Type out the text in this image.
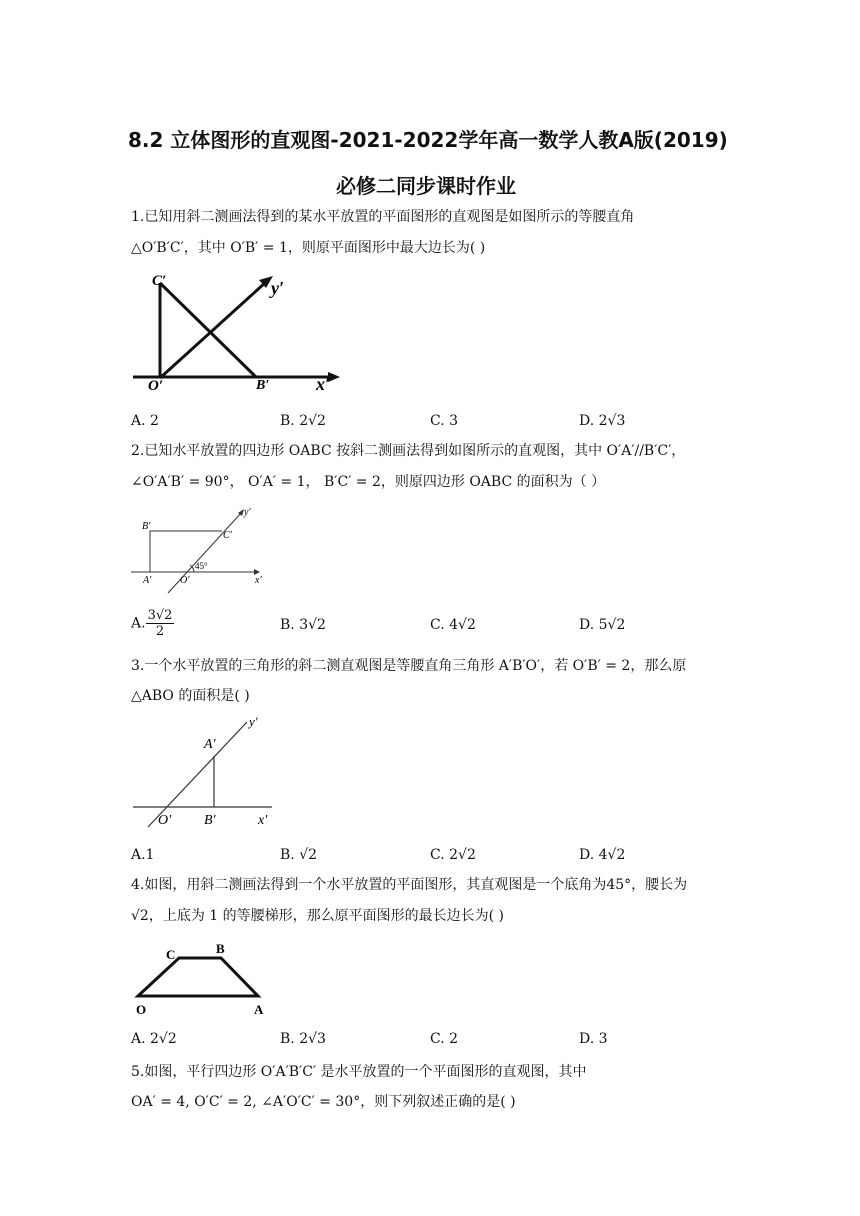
8.2 立体图形的直观图-2021-2022学年高一数学人教A版(2019)
必修二同步课时作业
1.已知用斜二测画法得到的某水平放置的平面图形的直观图是如图所示的等腰直角
△O′B′C′，其中 O′B′ = 1，则原平面图形中最大边长为( )
C′
O′	B′	x′
y′
A. 2	B. 2√2	C. 3	D. 2√3
2.已知水平放置的四边形 OABC 按斜二测画法得到如图所示的直观图，其中 O′A′//B′C′，
∠O′A′B′ = 90°， O′A′ = 1， B′C′ = 2，则原四边形 OABC 的面积为（ ）
B′
C′
A′	O′
45°
x′
y′
A. $\frac{3√2}{2}$	B. 3√2	C. 4√2	D. 5√2
3.一个水平放置的三角形的斜二测直观图是等腰直角三角形 A′B′O′，若 O′B′ = 2，那么原
△ABO 的面积是( )
A'
y'
O' B'	x'
A.1	B. √2	C. 2√2	D. 4√2
4.如图，用斜二测画法得到一个水平放置的平面图形，其直观图是一个底角为45°，腰长为
√2，上底为 1 的等腰梯形，那么原平面图形的最长边长为( )
C	B
O	A
A. 2√2	B. 2√3	C. 2	D. 3
5.如图，平行四边形 O′A′B′C′ 是水平放置的一个平面图形的直观图，其中
OA′ = 4, O′C′ = 2, ∠A′O′C′ = 30°，则下列叙述正确的是( )
